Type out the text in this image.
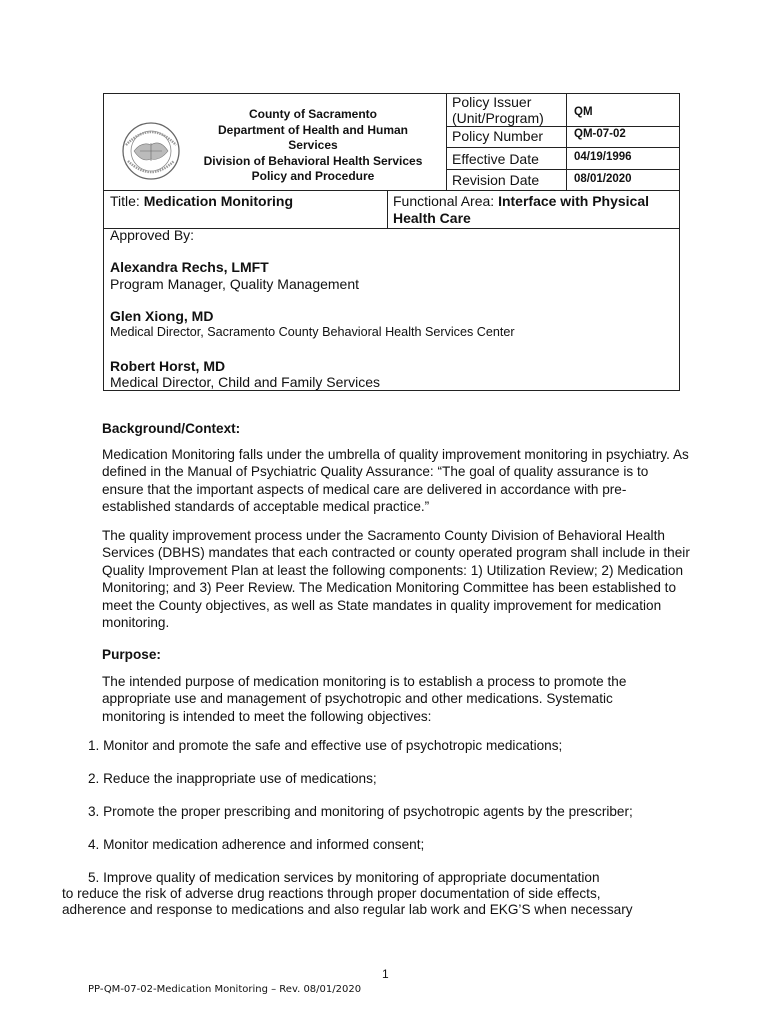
County of Sacramento
Department of Health and Human
Services
Division of Behavioral Health Services
Policy and Procedure
Policy Issuer
(Unit/Program)	QM
Policy Number	QM-07-02
Effective Date	04/19/1996
Revision Date	08/01/2020
Title: Medication Monitoring	Functional Area: Interface with Physical
Health Care
Approved By:
Alexandra Rechs, LMFT
Program Manager, Quality Management
Glen Xiong, MD
Medical Director, Sacramento County Behavioral Health Services Center
Robert Horst, MD
Medical Director, Child and Family Services
Background/Context:
Medication Monitoring falls under the umbrella of quality improvement monitoring in psychiatry. As defined in the Manual of Psychiatric Quality Assurance: “The goal of quality assurance is to ensure that the important aspects of medical care are delivered in accordance with pre-established standards of acceptable medical practice.”
The quality improvement process under the Sacramento County Division of Behavioral Health Services (DBHS) mandates that each contracted or county operated program shall include in their Quality Improvement Plan at least the following components: 1) Utilization Review; 2) Medication Monitoring; and 3) Peer Review. The Medication Monitoring Committee has been established to meet the County objectives, as well as State mandates in quality improvement for medication monitoring.
Purpose:
The intended purpose of medication monitoring is to establish a process to promote the appropriate use and management of psychotropic and other medications. Systematic monitoring is intended to meet the following objectives:
1. Monitor and promote the safe and effective use of psychotropic medications;
2. Reduce the inappropriate use of medications;
3. Promote the proper prescribing and monitoring of psychotropic agents by the prescriber;
4. Monitor medication adherence and informed consent;
5. Improve quality of medication services by monitoring of appropriate documentation
to reduce the risk of adverse drug reactions through proper documentation of side effects,
adherence and response to medications and also regular lab work and EKG’S when necessary
1
PP-QM-07-02-Medication Monitoring – Rev. 08/01/2020
